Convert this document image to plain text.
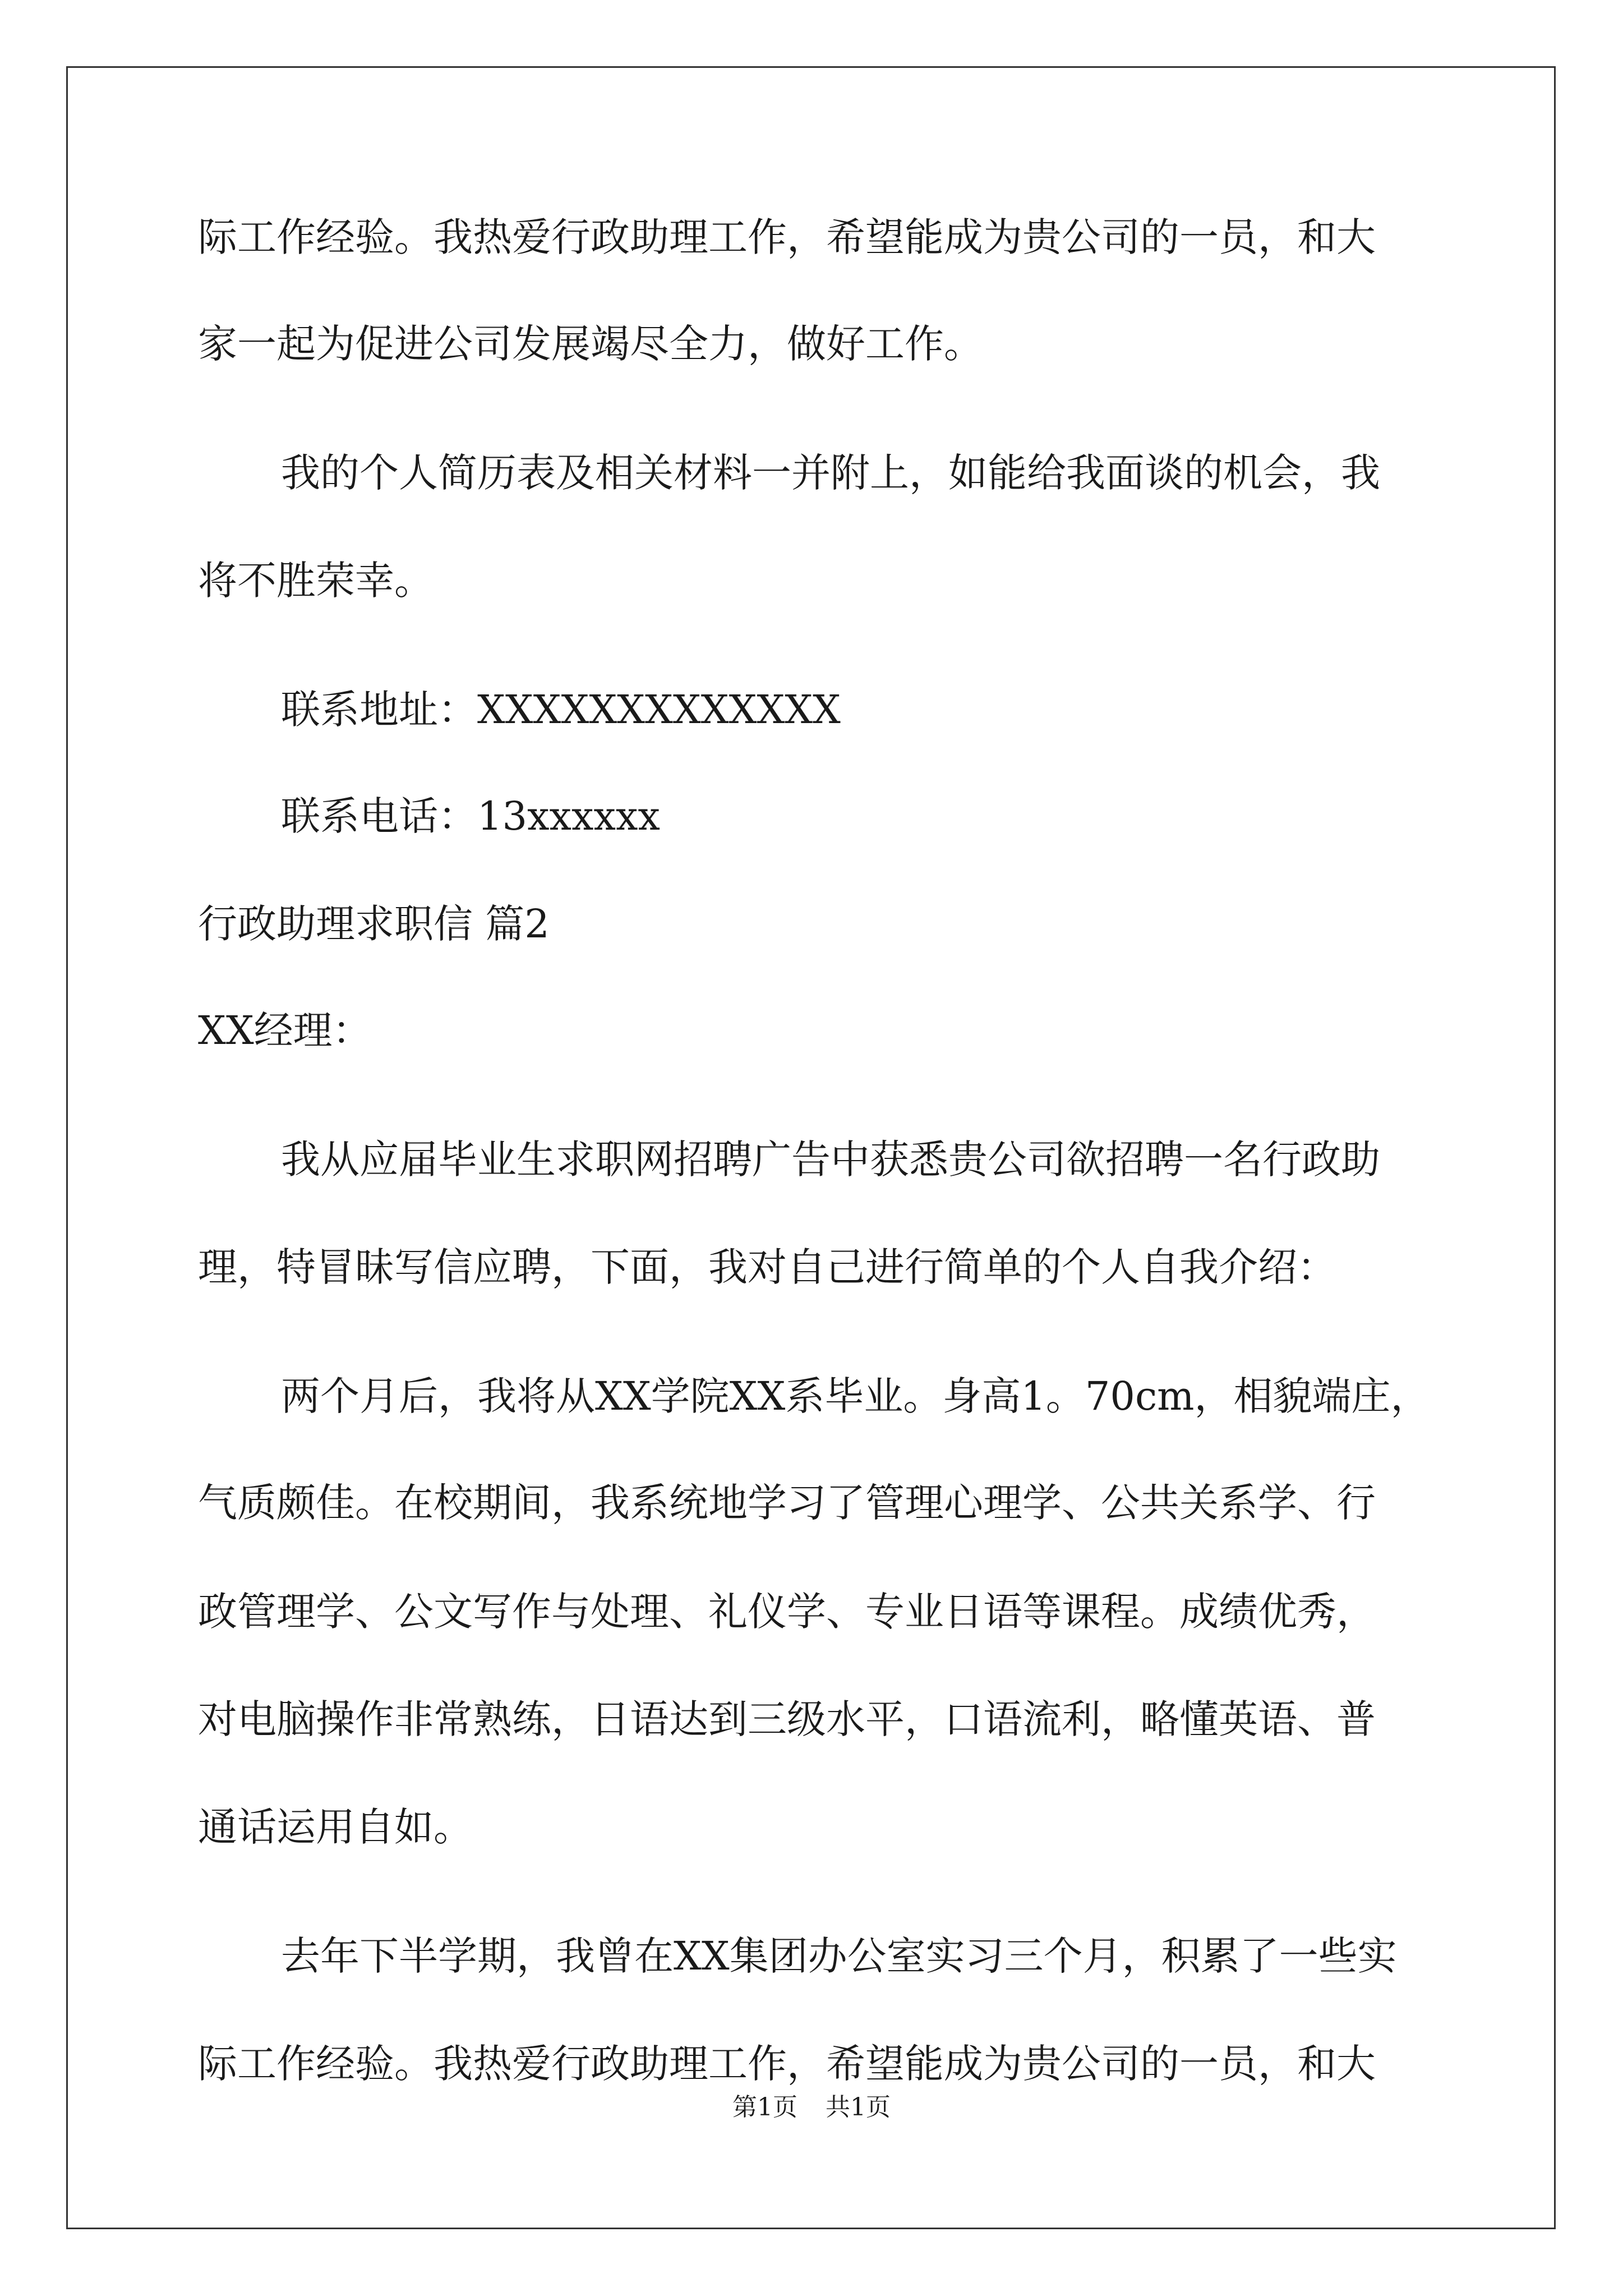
际工作经验。我热爱行政助理工作，希望能成为贵公司的一员，和大
家一起为促进公司发展竭尽全力，做好工作。
我的个人简历表及相关材料一并附上，如能给我面谈的机会，我
将不胜荣幸。
联系地址：XXXXXXXXXXXXX
联系电话：13xxxxxx
行政助理求职信 篇2
XX经理：
我从应届毕业生求职网招聘广告中获悉贵公司欲招聘一名行政助
理，特冒昧写信应聘，下面，我对自己进行简单的个人自我介绍：
两个月后，我将从XX学院XX系毕业。身高1。70cm，相貌端庄，
气质颇佳。在校期间，我系统地学习了管理心理学、公共关系学、行
政管理学、公文写作与处理、礼仪学、专业日语等课程。成绩优秀，
对电脑操作非常熟练，日语达到三级水平，口语流利，略懂英语、普
通话运用自如。
去年下半学期，我曾在XX集团办公室实习三个月，积累了一些实
际工作经验。我热爱行政助理工作，希望能成为贵公司的一员，和大
第1页 共1页
